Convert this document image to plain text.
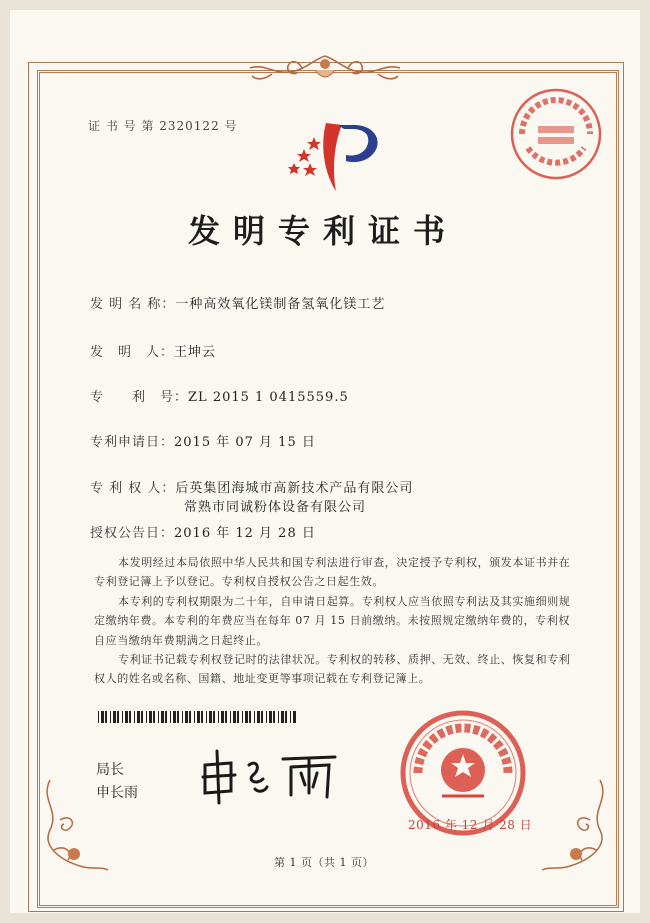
证 书 号 第 2320122 号
发明专利证书
发 明 名 称：一种高效氧化镁制备氢氧化镁工艺
发　明　人：王坤云
专　　利　号：ZL 2015 1 0415559.5
专利申请日：2015 年 07 月 15 日
专 利 权 人：后英集团海城市高新技术产品有限公司
常熟市同诚粉体设备有限公司
授权公告日：2016 年 12 月 28 日

本发明经过本局依照中华人民共和国专利法进行审查，决定授予专利权，颁发本证书并在专利登记簿上予以登记。专利权自授权公告之日起生效。

本专利的专利权期限为二十年，自申请日起算。专利权人应当依照专利法及其实施细则规定缴纳年费。本专利的年费应当在每年 07 月 15 日前缴纳。未按照规定缴纳年费的，专利权自应当缴纳年费期满之日起终止。

专利证书记载专利权登记时的法律状况。专利权的转移、质押、无效、终止、恢复和专利权人的姓名或名称、国籍、地址变更等事项记载在专利登记簿上。

局长
申长雨
2016 年 12 月 28 日
第 1 页（共 1 页）
